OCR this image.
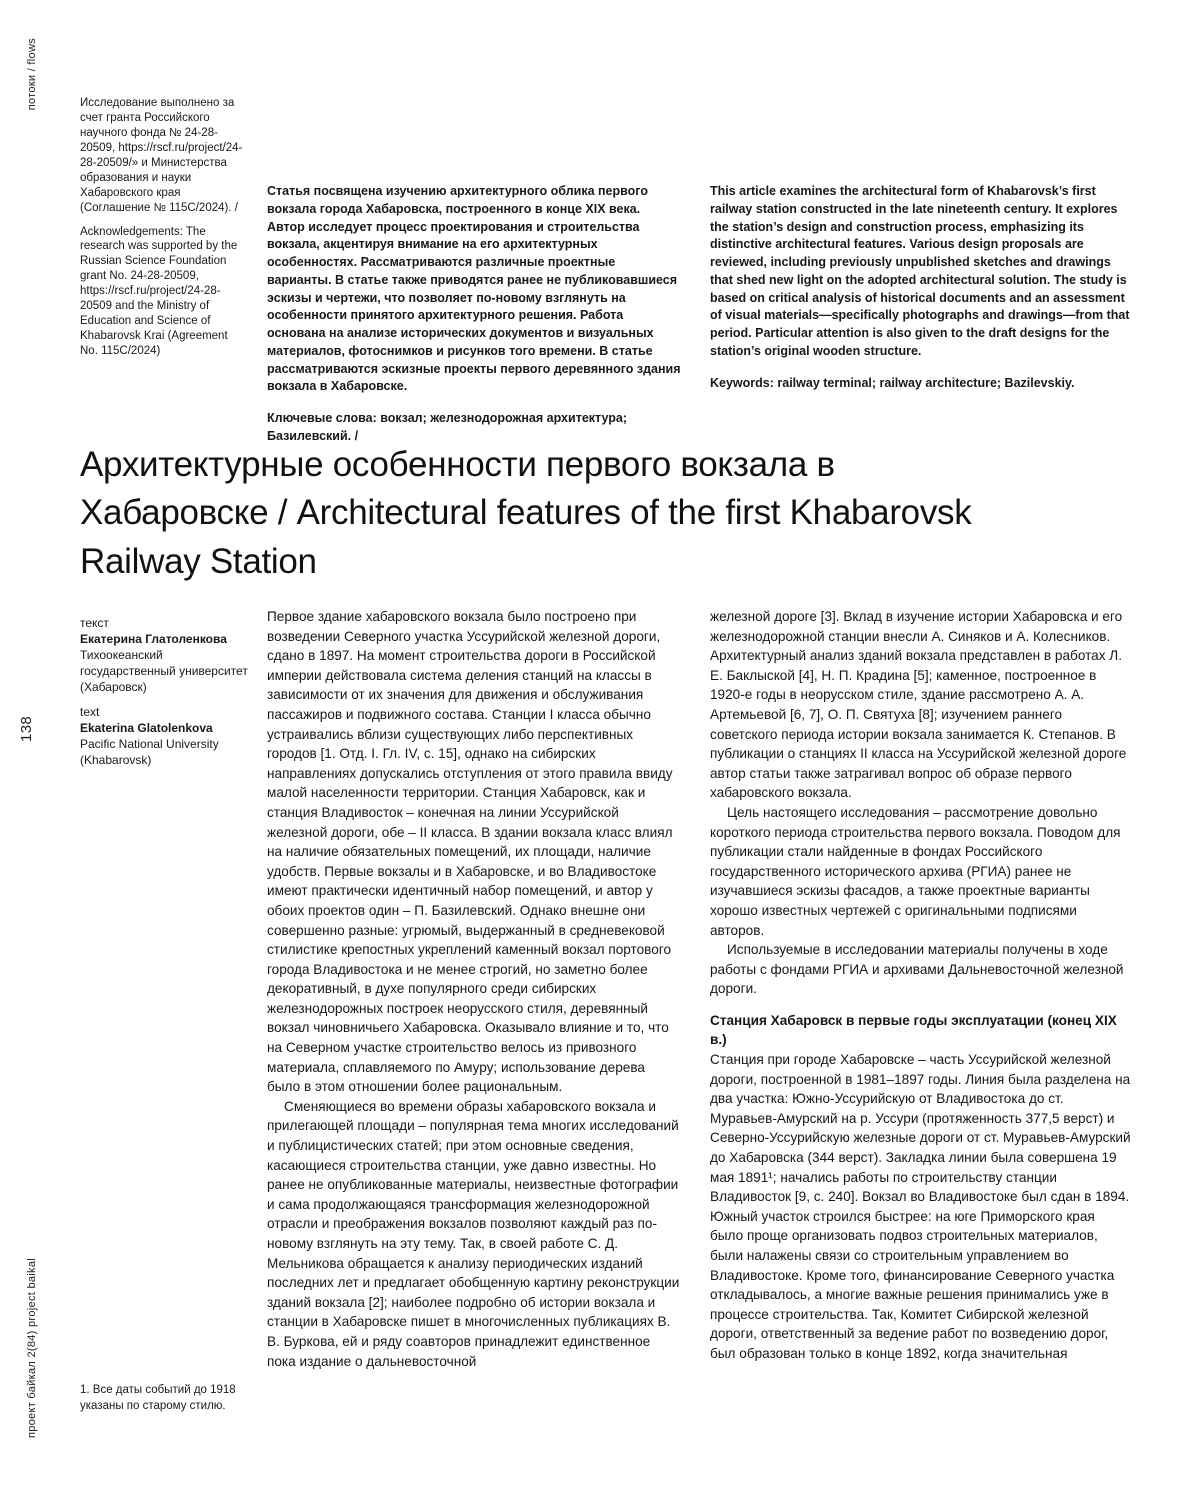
потоки / flows
138
проект байкал 2(84) project baikal

Исследование выполнено за счет гранта Российского научного фонда № 24-28-20509, https://rscf.ru/project/24-28-20509/» и Министерства образования и науки Хабаровского края (Соглашение № 115С/2024). /

Acknowledgements: The research was supported by the Russian Science Foundation grant No. 24-28-20509, https://rscf.ru/project/24-28-20509 and the Ministry of Education and Science of Khabarovsk Krai (Agreement No. 115С/2024)

Статья посвящена изучению архитектурного облика первого вокзала города Хабаровска, построенного в конце XIX века. Автор исследует процесс проектирования и строительства вокзала, акцентируя внимание на его архитектурных особенностях. Рассматриваются различные проектные варианты. В статье также приводятся ранее не публиковавшиеся эскизы и чертежи, что позволяет по-новому взглянуть на особенности принятого архитектурного решения. Работа основана на анализе исторических документов и визуальных материалов, фотоснимков и рисунков того времени. В статье рассматриваются эскизные проекты первого деревянного здания вокзала в Хабаровске.

Ключевые слова: вокзал; железнодорожная архитектура; Базилевский. /

This article examines the architectural form of Khabarovsk’s first railway station constructed in the late nineteenth century. It explores the station’s design and construction process, emphasizing its distinctive architectural features. Various design proposals are reviewed, including previously unpublished sketches and drawings that shed new light on the adopted architectural solution. The study is based on critical analysis of historical documents and an assessment of visual materials—specifically photographs and drawings—from that period. Particular attention is also given to the draft designs for the station’s original wooden structure.

Keywords: railway terminal; railway architecture; Bazilevskiy.

Архитектурные особенности первого вокзала в Хабаровске / Architectural features of the first Khabarovsk Railway Station

текст

Екатерина Глатоленкова

Тихоокеанский государственный университет (Хабаровск)

text

Ekaterina Glatolenkova

Pacific National University (Khabarovsk)

Первое здание хабаровского вокзала было построено при возведении Северного участка Уссурийской железной дороги, сдано в 1897. На момент строительства дороги в Российской империи действовала система деления станций на классы в зависимости от их значения для движения и обслуживания пассажиров и подвижного состава. Станции I класса обычно устраивались вблизи существующих либо перспективных городов [1. Отд. I. Гл. IV, с. 15], однако на сибирских направлениях допускались отступления от этого правила ввиду малой населенности территории. Станция Хабаровск, как и станция Владивосток – конечная на линии Уссурийской железной дороги, обе – II класса. В здании вокзала класс влиял на наличие обязательных помещений, их площади, наличие удобств. Первые вокзалы и в Хабаровске, и во Владивостоке имеют практически идентичный набор помещений, и автор у обоих проектов один – П. Базилевский. Однако внешне они совершенно разные: угрюмый, выдержанный в средневековой стилистике крепостных укреплений каменный вокзал портового города Владивостока и не менее строгий, но заметно более декоративный, в духе популярного среди сибирских железнодорожных построек неорусского стиля, деревянный вокзал чиновничьего Хабаровска. Оказывало влияние и то, что на Северном участке строительство велось из привозного материала, сплавляемого по Амуру; использование дерева было в этом отношении более рациональным.

Сменяющиеся во времени образы хабаровского вокзала и прилегающей площади – популярная тема многих исследований и публицистических статей; при этом основные сведения, касающиеся строительства станции, уже давно известны. Но ранее не опубликованные материалы, неизвестные фотографии и сама продолжающаяся трансформация железнодорожной отрасли и преображения вокзалов позволяют каждый раз по-новому взглянуть на эту тему. Так, в своей работе С. Д. Мельникова обращается к анализу периодических изданий последних лет и предлагает обобщенную картину реконструкции зданий вокзала [2]; наиболее подробно об истории вокзала и станции в Хабаровске пишет в многочисленных публикациях В. В. Буркова, ей и ряду соавторов принадлежит единственное пока издание о дальневосточной

железной дороге [3]. Вклад в изучение истории Хабаровска и его железнодорожной станции внесли А. Синяков и А. Колесников. Архитектурный анализ зданий вокзала представлен в работах Л. Е. Баклыской [4], Н. П. Крадина [5]; каменное, построенное в 1920-е годы в неорусском стиле, здание рассмотрено А. А. Артемьевой [6, 7], О. П. Святуха [8]; изучением раннего советского периода истории вокзала занимается К. Степанов. В публикации о станциях II класса на Уссурийской железной дороге автор статьи также затрагивал вопрос об образе первого хабаровского вокзала.

Цель настоящего исследования – рассмотрение довольно короткого периода строительства первого вокзала. Поводом для публикации стали найденные в фондах Российского государственного исторического архива (РГИА) ранее не изучавшиеся эскизы фасадов, а также проектные варианты хорошо известных чертежей с оригинальными подписями авторов.

Используемые в исследовании материалы получены в ходе работы с фондами РГИА и архивами Дальневосточной железной дороги.

Станция Хабаровск в первые годы эксплуатации (конец XIX в.)

Станция при городе Хабаровске – часть Уссурийской железной дороги, построенной в 1981–1897 годы. Линия была разделена на два участка: Южно-Уссурийскую от Владивостока до ст. Муравьев-Амурский на р. Уссури (протяженность 377,5 верст) и Северно-Уссурийскую железные дороги от ст. Муравьев-Амурский до Хабаровска (344 верст). Закладка линии была совершена 19 мая 1891¹; начались работы по строительству станции Владивосток [9, с. 240]. Вокзал во Владивостоке был сдан в 1894. Южный участок строился быстрее: на юге Приморского края было проще организовать подвоз строительных материалов, были налажены связи со строительным управлением во Владивостоке. Кроме того, финансирование Северного участка откладывалось, а многие важные решения принимались уже в процессе строительства. Так, Комитет Сибирской железной дороги, ответственный за ведение работ по возведению дорог, был образован только в конце 1892, когда значительная

1. Все даты событий до 1918 указаны по старому стилю.
